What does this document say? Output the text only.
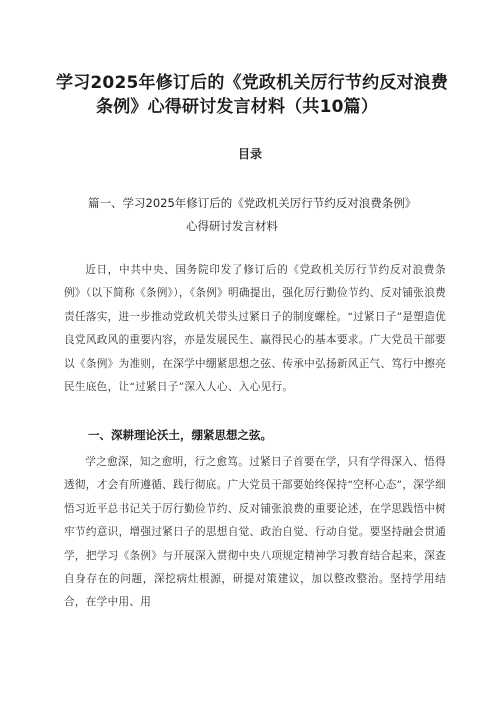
学习2025年修订后的《党政机关厉行节约反对浪费
条例》心得研讨发言材料（共10篇）
目录
篇一、学习2025年修订后的《党政机关厉行节约反对浪费条例》
心得研讨发言材料
近日，中共中央、国务院印发了修订后的《党政机关厉行节约反对浪费条例》（以下简称《条例》），《条例》明确提出，强化厉行勤俭节约、反对铺张浪费责任落实，进一步推动党政机关带头过紧日子的制度螺栓。“过紧日子”是塑造优良党风政风的重要内容，亦是发展民生、赢得民心的基本要求。广大党员干部要以《条例》为准则，在深学中绷紧思想之弦、传承中弘扬新风正气、笃行中擦亮民生底色，让“过紧日子”深入人心、入心见行。
一、深耕理论沃土，绷紧思想之弦。
学之愈深，知之愈明，行之愈笃。过紧日子首要在学，只有学得深入、悟得透彻，才会有所遵循、践行彻底。广大党员干部要始终保持“空杯心态”，深学细悟习近平总书记关于厉行勤俭节约、反对铺张浪费的重要论述，在学思践悟中树牢节约意识，增强过紧日子的思想自觉、政治自觉、行动自觉。要坚持融会贯通学，把学习《条例》与开展深入贯彻中央八项规定精神学习教育结合起来，深查自身存在的问题，深挖病灶根源，研提对策建议，加以整改整治。坚持学用结合，在学中用、用
